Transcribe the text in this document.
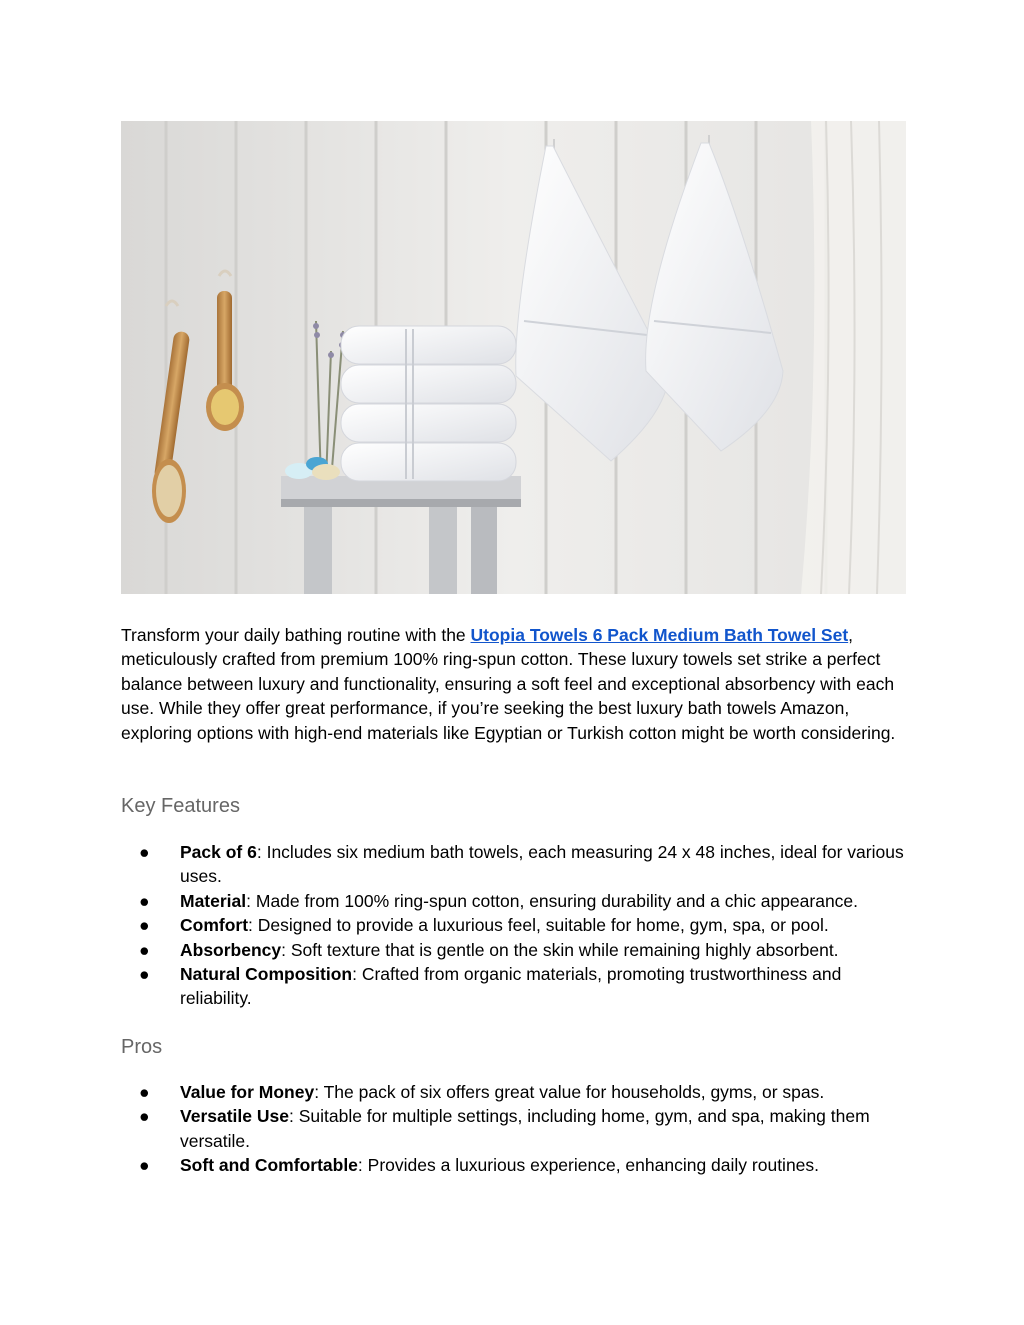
Transform your daily bathing routine with the Utopia Towels 6 Pack Medium Bath Towel Set, meticulously crafted from premium 100% ring-spun cotton. These luxury towels set strike a perfect balance between luxury and functionality, ensuring a soft feel and exceptional absorbency with each use. While they offer great performance, if you’re seeking the best luxury bath towels Amazon, exploring options with high-end materials like Egyptian or Turkish cotton might be worth considering.

Key Features
● Pack of 6: Includes six medium bath towels, each measuring 24 x 48 inches, ideal for various uses.
● Material: Made from 100% ring-spun cotton, ensuring durability and a chic appearance.
● Comfort: Designed to provide a luxurious feel, suitable for home, gym, spa, or pool.
● Absorbency: Soft texture that is gentle on the skin while remaining highly absorbent.
● Natural Composition: Crafted from organic materials, promoting trustworthiness and reliability.
Pros
● Value for Money: The pack of six offers great value for households, gyms, or spas.
● Versatile Use: Suitable for multiple settings, including home, gym, and spa, making them versatile.
● Soft and Comfortable: Provides a luxurious experience, enhancing daily routines.
